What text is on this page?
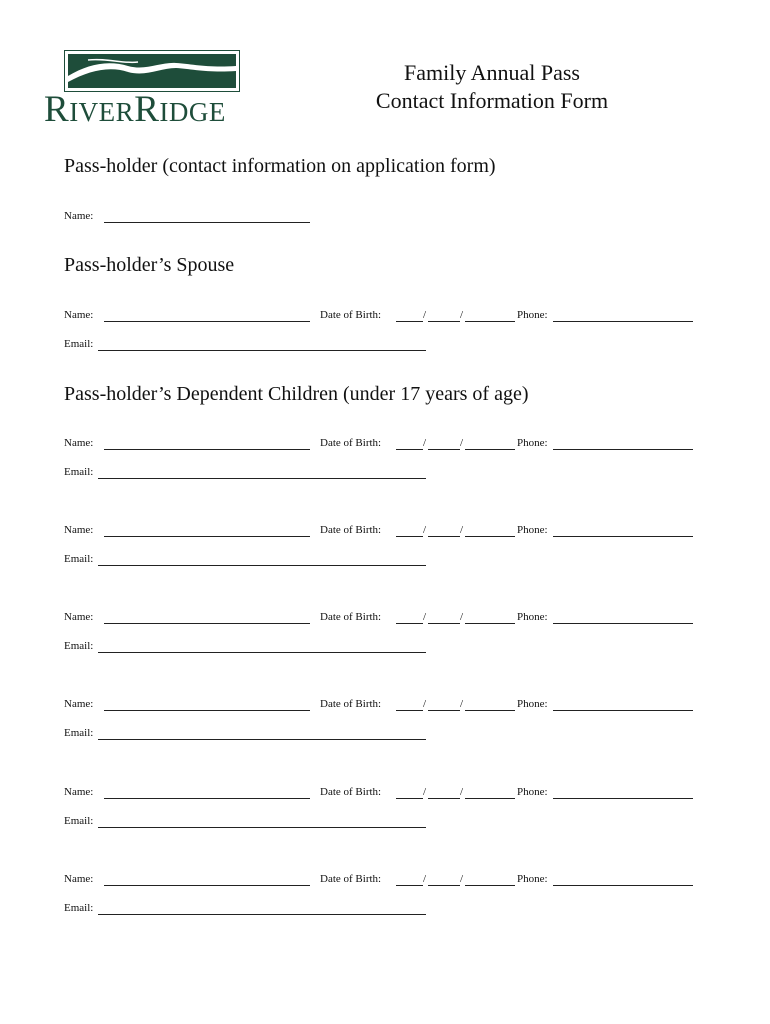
RIVERRIDGE
Family Annual Pass
Contact Information Form
Pass-holder (contact information on application form)
Name:
Pass-holder’s Spouse
Name:	Date of Birth:	/	/	Phone:
Email:
Pass-holder’s Dependent Children (under 17 years of age)
Name:	Date of Birth:	/	/	Phone:
Email:
Name:	Date of Birth:	/	/	Phone:
Email:
Name:	Date of Birth:	/	/	Phone:
Email:
Name:	Date of Birth:	/	/	Phone:
Email:
Name:	Date of Birth:	/	/	Phone:
Email:
Name:	Date of Birth:	/	/	Phone:
Email:
